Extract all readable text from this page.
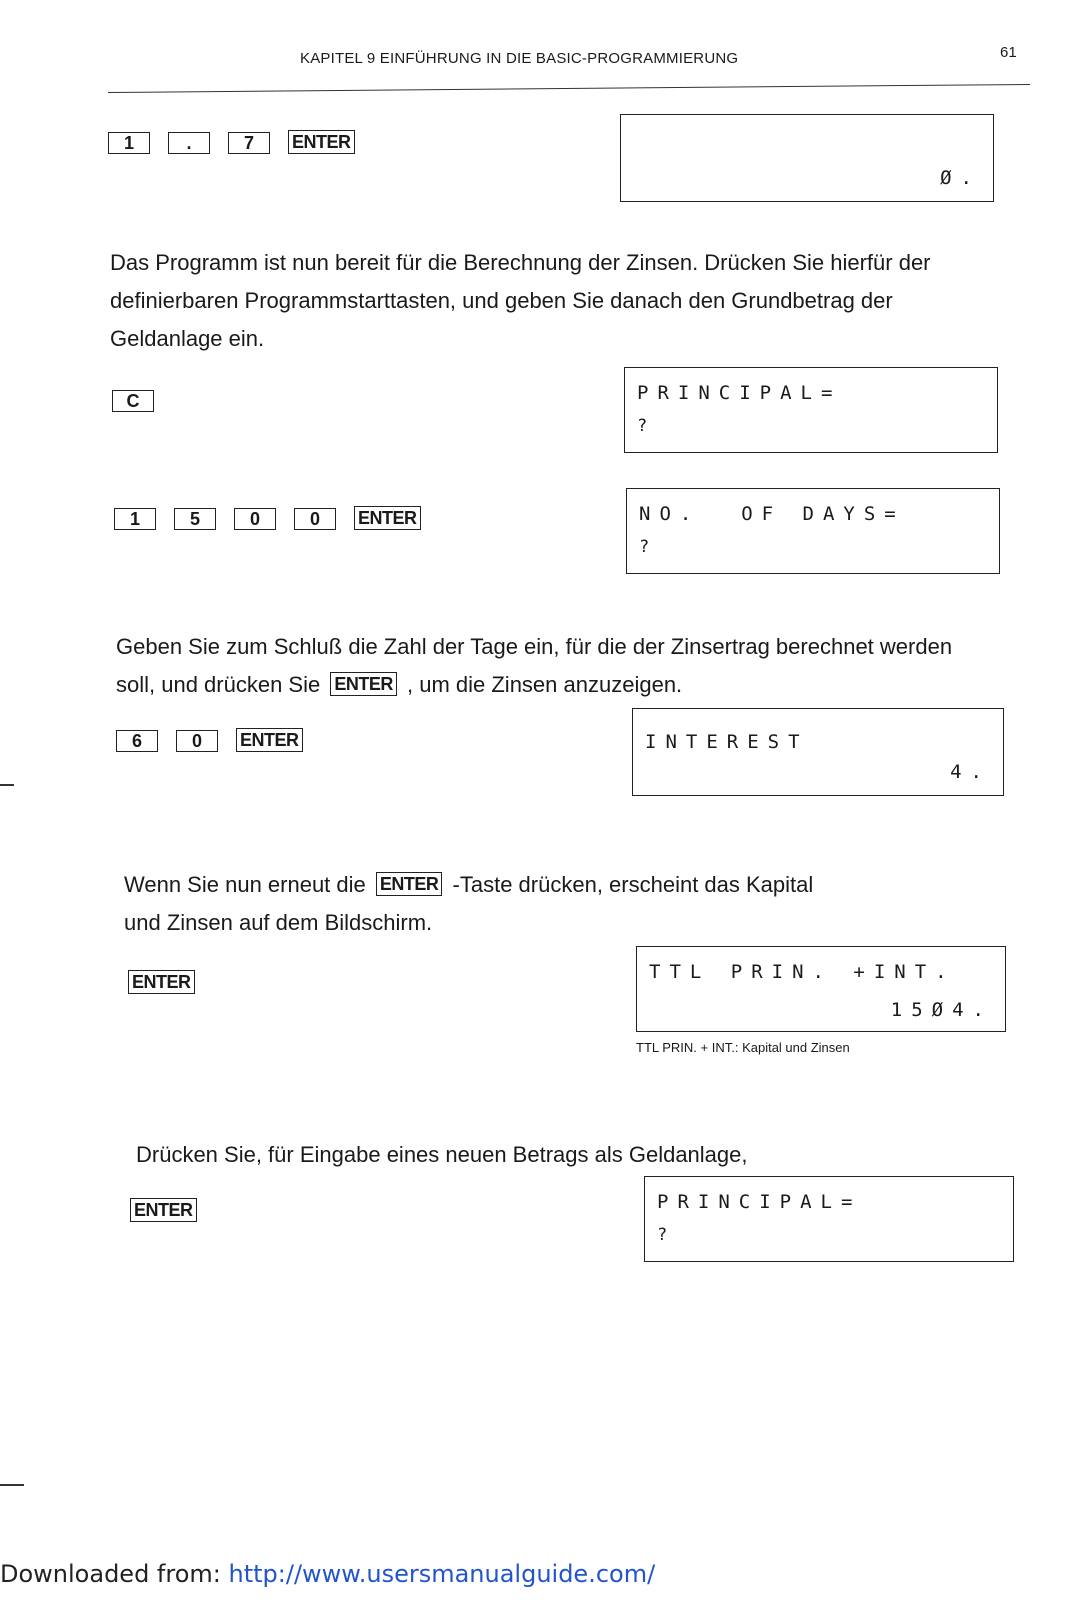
KAPITEL 9 EINFÜHRUNG IN DIE BASIC-PROGRAMMIERUNG	61
1	.	7	ENTER
Ø.
Das Programm ist nun bereit für die Berechnung der Zinsen. Drücken Sie hierfür der definierbaren Programmstarttasten, und geben Sie danach den Grundbetrag der Geldanlage ein.
C	PRINCIPAL=
?
1	5	0	0	ENTER	NO.  OF DAYS=
?
Geben Sie zum Schluß die Zahl der Tage ein, für die der Zinsertrag berechnet werden soll, und drücken Sie ENTER , um die Zinsen anzuzeigen.
6	0	ENTER	INTEREST
4.
Wenn Sie nun erneut die ENTER -Taste drücken, erscheint das Kapital und Zinsen auf dem Bildschirm.
ENTER	TTL PRIN. +INT.
15Ø4.
TTL PRIN. + INT.: Kapital und Zinsen
Drücken Sie, für Eingabe eines neuen Betrags als Geldanlage,
ENTER	PRINCIPAL=
?
Downloaded from: http://www.usersmanualguide.com/
